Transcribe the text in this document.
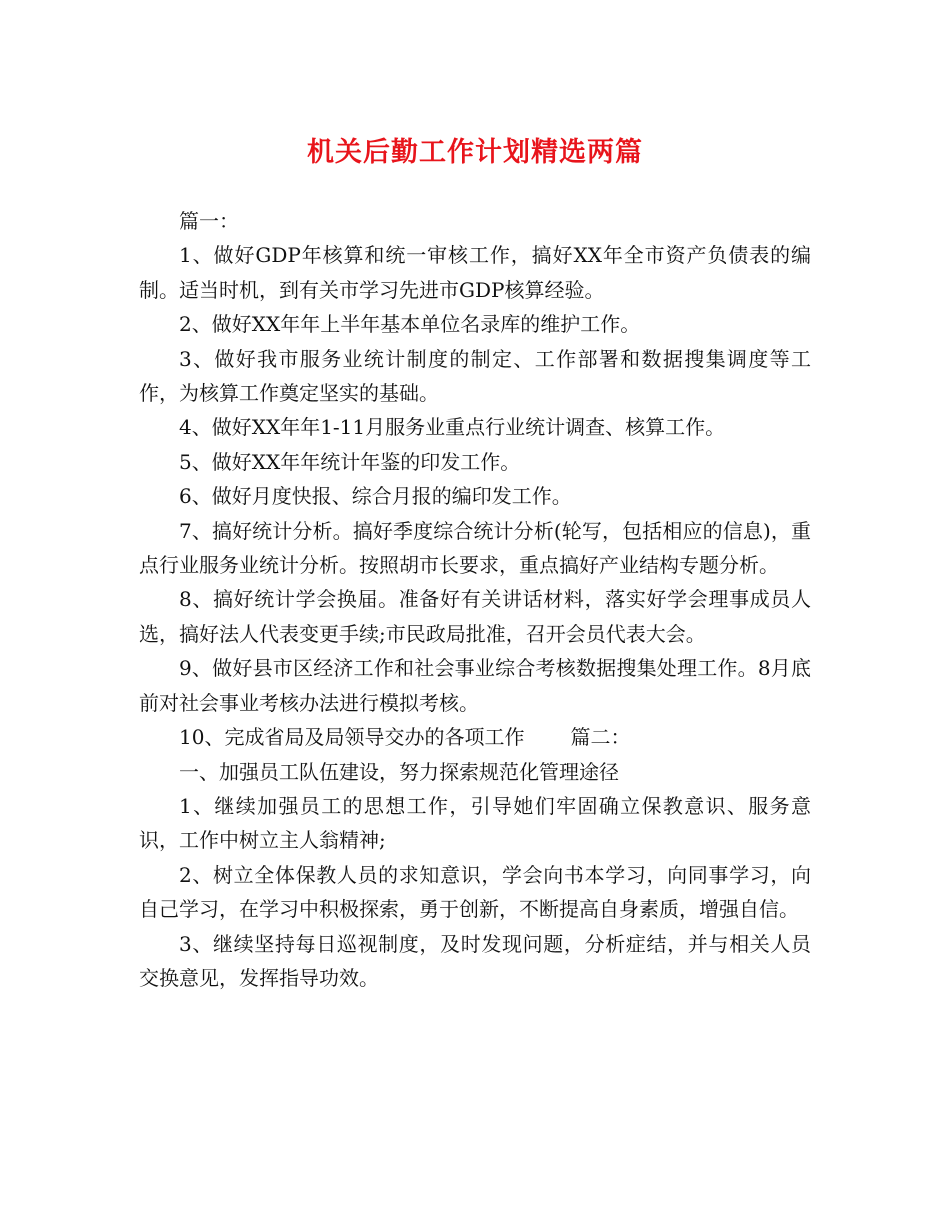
机关后勤工作计划精选两篇

篇一：

1、做好GDP年核算和统一审核工作，搞好XX年全市资产负债表的编制。适当时机，到有关市学习先进市GDP核算经验。

2、做好XX年年上半年基本单位名录库的维护工作。

3、做好我市服务业统计制度的制定、工作部署和数据搜集调度等工作，为核算工作奠定坚实的基础。

4、做好XX年年1-11月服务业重点行业统计调查、核算工作。

5、做好XX年年统计年鉴的印发工作。

6、做好月度快报、综合月报的编印发工作。

7、搞好统计分析。搞好季度综合统计分析(轮写，包括相应的信息)，重点行业服务业统计分析。按照胡市长要求，重点搞好产业结构专题分析。

8、搞好统计学会换届。准备好有关讲话材料，落实好学会理事成员人选，搞好法人代表变更手续;市民政局批准，召开会员代表大会。

9、做好县市区经济工作和社会事业综合考核数据搜集处理工作。8月底前对社会事业考核办法进行模拟考核。

10、完成省局及局领导交办的各项工作 篇二：

一、加强员工队伍建设，努力探索规范化管理途径

1、继续加强员工的思想工作，引导她们牢固确立保教意识、服务意识，工作中树立主人翁精神;

2、树立全体保教人员的求知意识，学会向书本学习，向同事学习，向自己学习，在学习中积极探索，勇于创新，不断提高自身素质，增强自信。

3、继续坚持每日巡视制度，及时发现问题，分析症结，并与相关人员交换意见，发挥指导功效。
